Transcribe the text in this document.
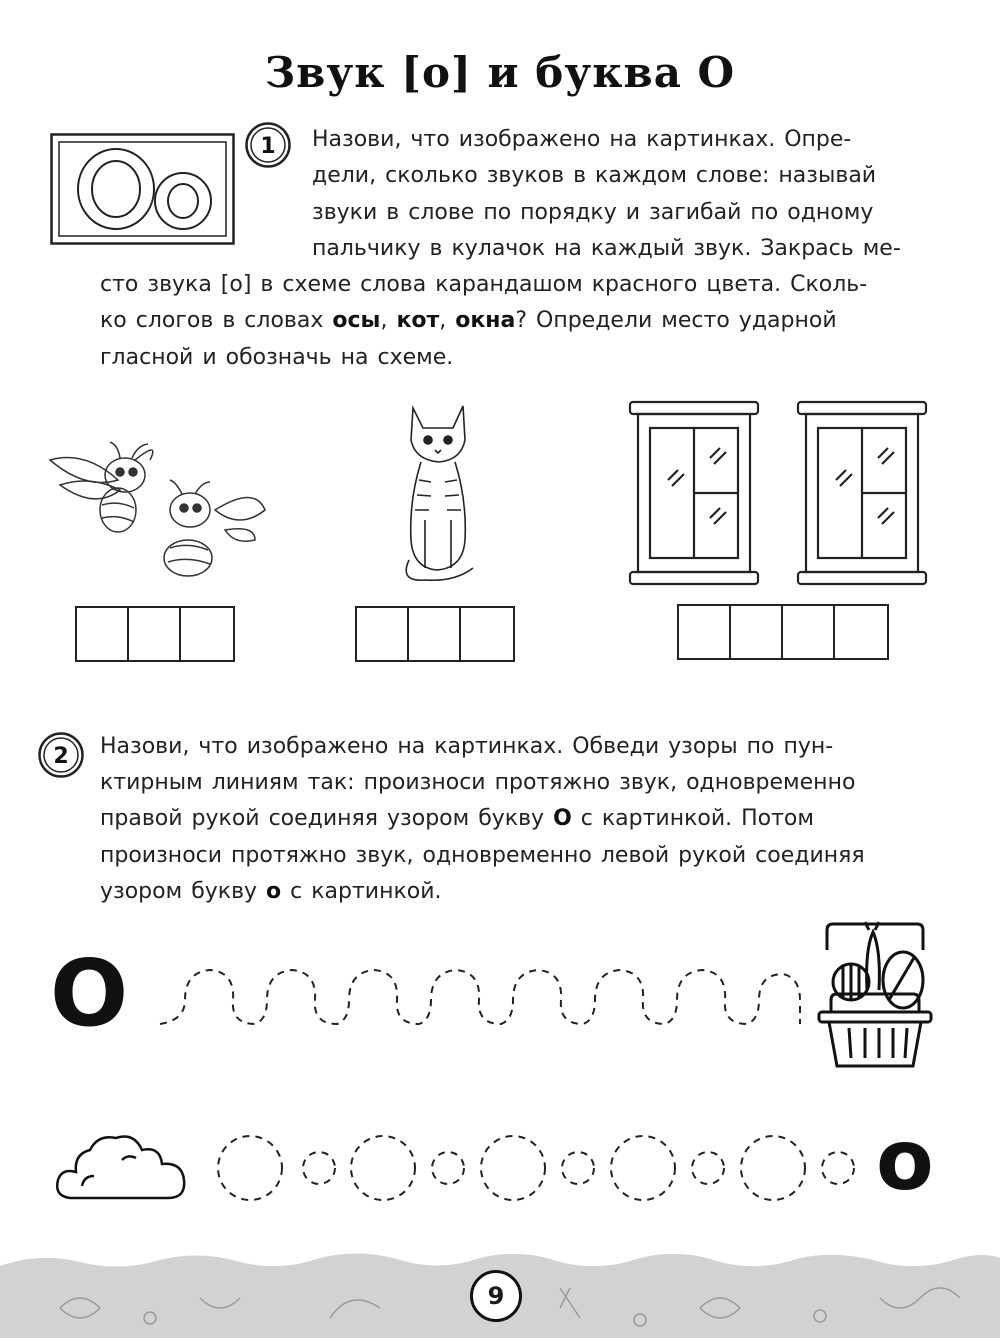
Звук [о] и буква О
1 Назови, что изображено на картинках. Опре-
дели, сколько звуков в каждом слове: называй
звуки в слове по порядку и загибай по одному
пальчику в кулачок на каждый звук. Закрась ме-
сто звука [о] в схеме слова карандашом красного цвета. Сколь-
ко слогов в словах осы, кот, окна? Определи место ударной
гласной и обозначь на схеме.
2 Назови, что изображено на картинках. Обведи узоры по пун-
ктирным линиям так: произноси протяжно звук, одновременно
правой рукой соединяя узором букву О с картинкой. Потом
произноси протяжно звук, одновременно левой рукой соединяя
узором букву о с картинкой.
O
o
9
